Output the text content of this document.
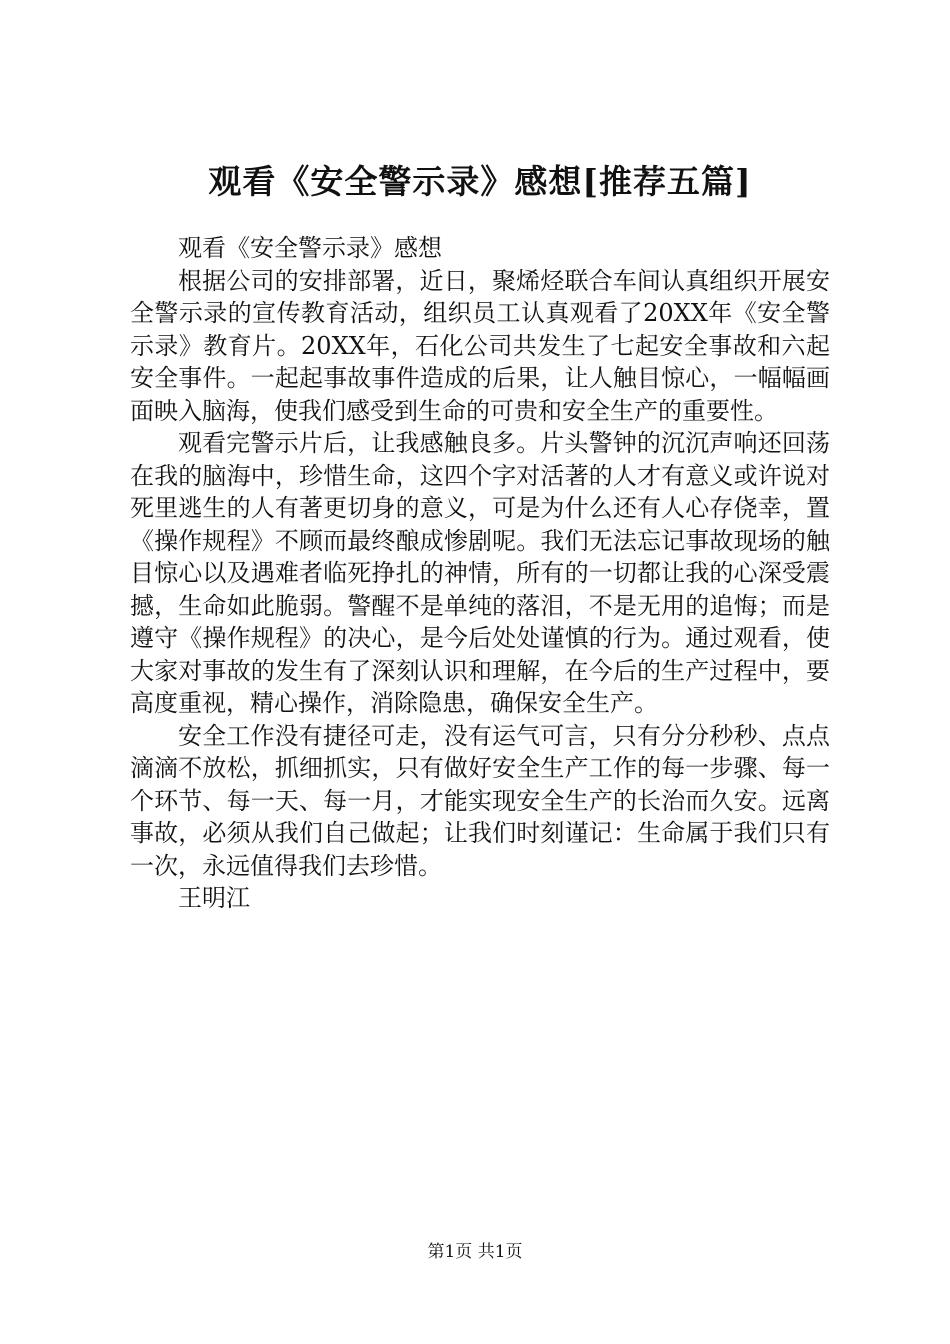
观看《安全警示录》感想[推荐五篇]

观看《安全警示录》感想

根据公司的安排部署，近日，聚烯烃联合车间认真组织开展安全警示录的宣传教育活动，组织员工认真观看了20XX年《安全警示录》教育片。20XX年，石化公司共发生了七起安全事故和六起安全事件。一起起事故事件造成的后果，让人触目惊心，一幅幅画面映入脑海，使我们感受到生命的可贵和安全生产的重要性。

观看完警示片后，让我感触良多。片头警钟的沉沉声响还回荡在我的脑海中，珍惜生命，这四个字对活著的人才有意义或许说对死里逃生的人有著更切身的意义，可是为什么还有人心存侥幸，置《操作规程》不顾而最终酿成惨剧呢。我们无法忘记事故现场的触目惊心以及遇难者临死挣扎的神情，所有的一切都让我的心深受震撼，生命如此脆弱。警醒不是单纯的落泪，不是无用的追悔；而是遵守《操作规程》的决心，是今后处处谨慎的行为。通过观看，使大家对事故的发生有了深刻认识和理解，在今后的生产过程中，要高度重视，精心操作，消除隐患，确保安全生产。

安全工作没有捷径可走，没有运气可言，只有分分秒秒、点点滴滴不放松，抓细抓实，只有做好安全生产工作的每一步骤、每一个环节、每一天、每一月，才能实现安全生产的长治而久安。远离事故，必须从我们自己做起；让我们时刻谨记：生命属于我们只有一次，永远值得我们去珍惜。

王明江

第1页 共1页
